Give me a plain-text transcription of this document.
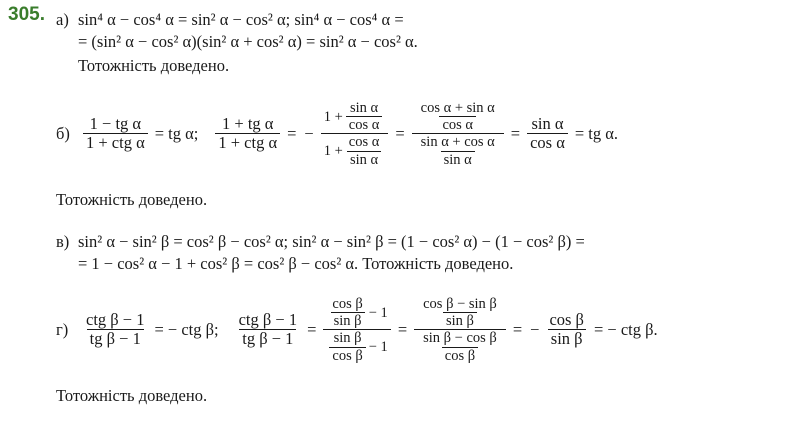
305. а) sin⁴ α − cos⁴ α = sin² α − cos² α; sin⁴ α − cos⁴ α =
= (sin² α − cos² α)(sin² α + cos² α) = sin² α − cos² α.
Тотожність доведено.
$б) \frac{\text{1 − tg α}}{\text{1 + ctg α}}$ = tg α; $\frac{\text{1 + tg α}}{\text{1 + ctg α}}$ = − $\frac{1 + \frac{\text{sin α}}{\text{cos α}}}{1 + \frac{\text{cos α}}{\text{sin α}}} = \frac{\frac{\text{cos α + sin α}}{\text{cos α}}}{\frac{\text{sin α + cos α}}{\text{sin α}}} = \frac{\text{sin α}}{\text{cos α}}$ = tg α.
Тотожність доведено.
в) sin² α − sin² β = cos² β − cos² α; sin² α − sin² β = (1 − cos² α) − (1 − cos² β) =
= 1 − cos² α − 1 + cos² β = cos² β − cos² α. Тотожність доведено.
$г) \frac{\text{ctg β − 1}}{\text{tg β − 1}}$ = − ctg β; $\frac{\text{ctg β − 1}}{\text{tg β − 1}} = \frac{\frac{\text{cos β}}{\text{sin β}} - 1}{\frac{\text{sin β}}{\text{cos β}} - 1} = \frac{\frac{\text{cos β − sin β}}{\text{sin β}}}{\frac{\text{sin β − cos β}}{\text{cos β}}}$ = − $\frac{\text{cos β}}{\text{sin β}}$ = − ctg β.
Тотожність доведено.
